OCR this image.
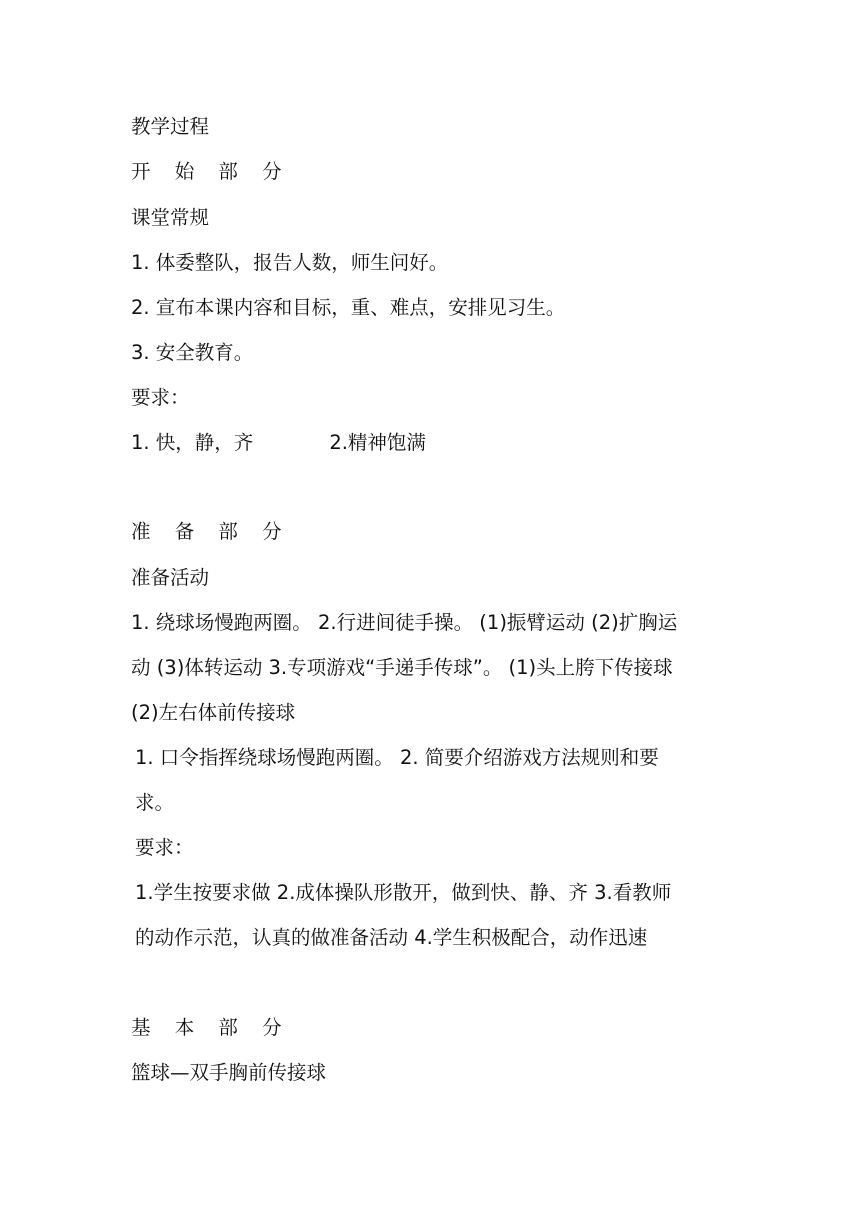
教学过程
开 始 部 分
课堂常规
1. 体委整队，报告人数，师生问好。
2. 宣布本课内容和目标，重、难点，安排见习生。
3. 安全教育。
要求：
1. 快，静，齐	2.精神饱满
准 备 部 分
准备活动
1. 绕球场慢跑两圈。 2.行进间徒手操。 (1)振臂运动 (2)扩胸运
动 (3)体转运动 3.专项游戏“手递手传球”。 (1)头上胯下传接球
(2)左右体前传接球
1. 口令指挥绕球场慢跑两圈。 2. 简要介绍游戏方法规则和要
求。
要求：
1.学生按要求做 2.成体操队形散开，做到快、静、齐 3.看教师
的动作示范，认真的做准备活动 4.学生积极配合，动作迅速
基 本 部 分
篮球—双手胸前传接球
